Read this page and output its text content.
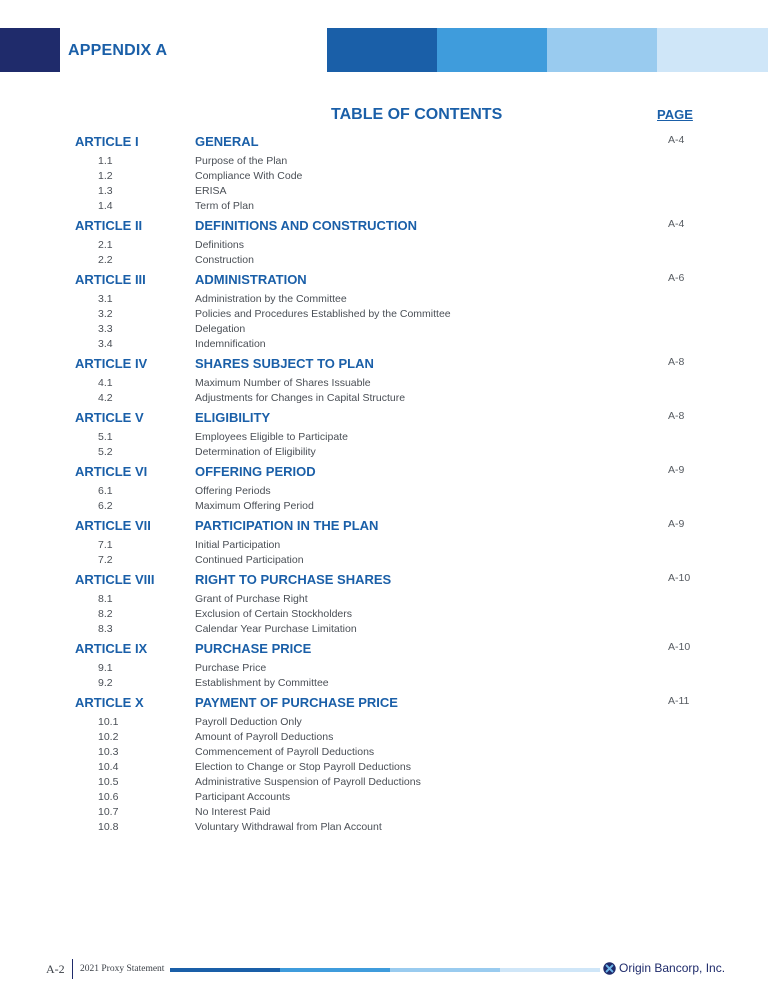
APPENDIX A
TABLE OF CONTENTS	PAGE
ARTICLE I	GENERAL	A-4
1.1	Purpose of the Plan
1.2	Compliance With Code
1.3	ERISA
1.4	Term of Plan
ARTICLE II	DEFINITIONS AND CONSTRUCTION	A-4
2.1	Definitions
2.2	Construction
ARTICLE III	ADMINISTRATION	A-6
3.1	Administration by the Committee
3.2	Policies and Procedures Established by the Committee
3.3	Delegation
3.4	Indemnification
ARTICLE IV	SHARES SUBJECT TO PLAN	A-8
4.1	Maximum Number of Shares Issuable
4.2	Adjustments for Changes in Capital Structure
ARTICLE V	ELIGIBILITY	A-8
5.1	Employees Eligible to Participate
5.2	Determination of Eligibility
ARTICLE VI	OFFERING PERIOD	A-9
6.1	Offering Periods
6.2	Maximum Offering Period
ARTICLE VII	PARTICIPATION IN THE PLAN	A-9
7.1	Initial Participation
7.2	Continued Participation
ARTICLE VIII	RIGHT TO PURCHASE SHARES	A-10
8.1	Grant of Purchase Right
8.2	Exclusion of Certain Stockholders
8.3	Calendar Year Purchase Limitation
ARTICLE IX	PURCHASE PRICE	A-10
9.1	Purchase Price
9.2	Establishment by Committee
ARTICLE X	PAYMENT OF PURCHASE PRICE	A-11
10.1	Payroll Deduction Only
10.2	Amount of Payroll Deductions
10.3	Commencement of Payroll Deductions
10.4	Election to Change or Stop Payroll Deductions
10.5	Administrative Suspension of Payroll Deductions
10.6	Participant Accounts
10.7	No Interest Paid
10.8	Voluntary Withdrawal from Plan Account
A-2 2021 Proxy Statement	Origin Bancorp, Inc.
